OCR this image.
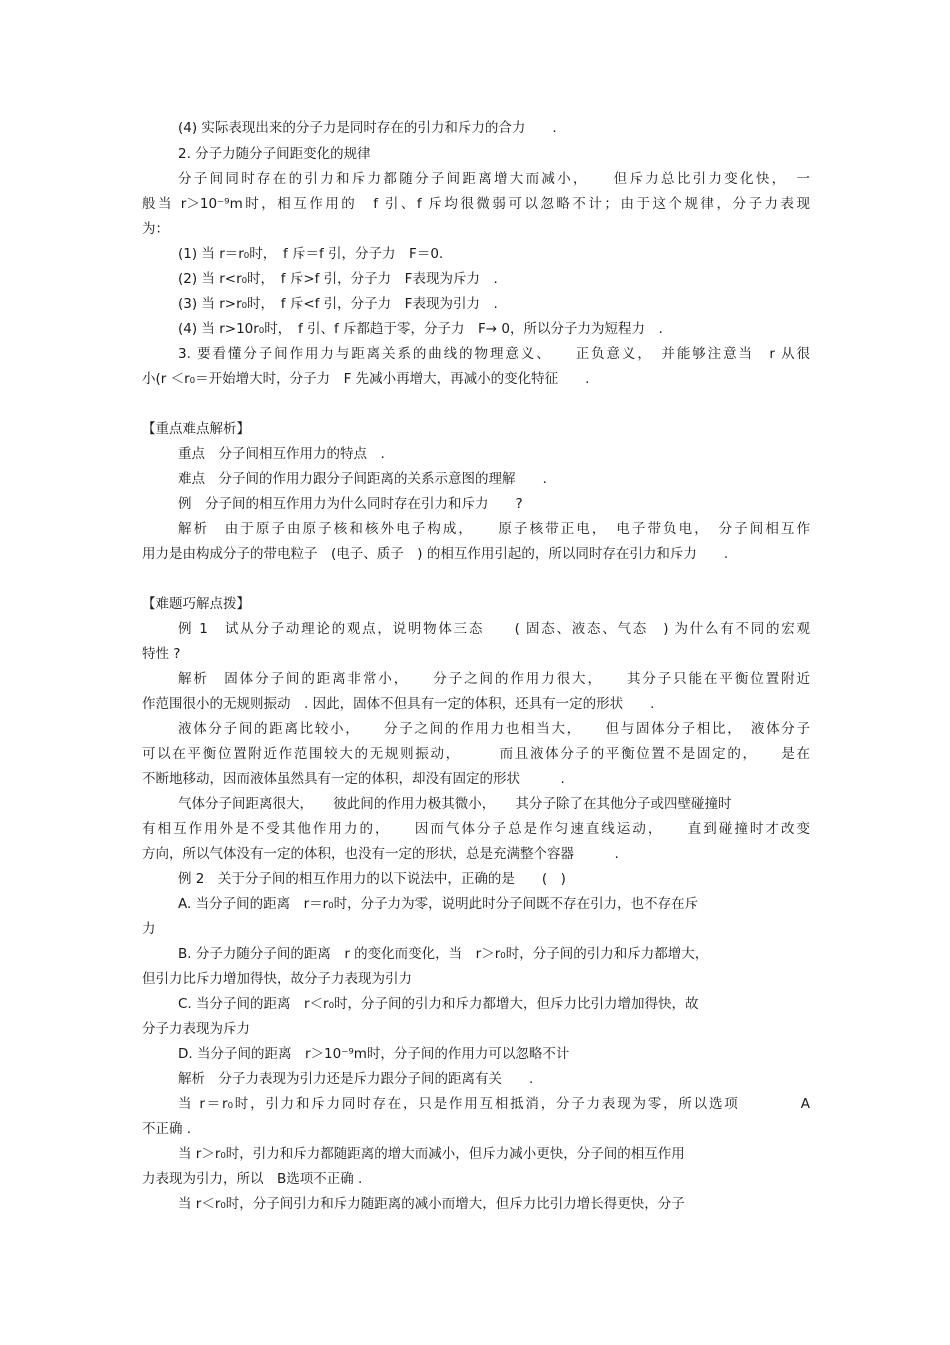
(4) 实际表现出来的分子力是同时存在的引力和斥力的合力　　.
2. 分子力随分子间距变化的规律
分子间同时存在的引力和斥力都随分子间距离增大而减小，　　但斥力总比引力变化快，　一
般当 r＞10⁻⁹m时，相互作用的　f 引、f 斥均很微弱可以忽略不计；由于这个规律，分子力表现
为：
(1) 当 r＝r₀时，　f 斥＝f 引，分子力　F＝0.
(2) 当 r<r₀时，　f 斥>f 引，分子力　F表现为斥力　.
(3) 当 r>r₀时，　f 斥<f 引，分子力　F表现为引力　.
(4) 当 r>10r₀时，　f 引、f 斥都趋于零，分子力　F→ 0，所以分子力为短程力　.
3. 要看懂分子间作用力与距离关系的曲线的物理意义、　　正负意义，　并能够注意当　r 从很
小(r ＜r₀＝开始增大时，分子力　F 先减小再增大，再减小的变化特征　　.
【重点难点解析】
重点　分子间相互作用力的特点　.
难点　分子间的作用力跟分子间距离的关系示意图的理解　　.
例　分子间的相互作用力为什么同时存在引力和斥力　　?
解析　由于原子由原子核和核外电子构成，　　原子核带正电，　电子带负电，　分子间相互作
用力是由构成分子的带电粒子　(电子、质子　) 的相互作用引起的，所以同时存在引力和斥力　　.
【难题巧解点拨】
例 1　试从分子动理论的观点，说明物体三态　　( 固态、液态、气态　) 为什么有不同的宏观
特性 ?
解析　固体分子间的距离非常小，　　分子之间的作用力很大，　　其分子只能在平衡位置附近
作范围很小的无规则振动　. 因此，固体不但具有一定的体积，还具有一定的形状　　.
液体分子间的距离比较小，　　分子之间的作用力也相当大，　　但与固体分子相比，　液体分子
可以在平衡位置附近作范围较大的无规则振动，　　　而且液体分子的平衡位置不是固定的，　　是在
不断地移动，因而液体虽然具有一定的体积，却没有固定的形状　　　.
气体分子间距离很大，　　彼此间的作用力极其微小，　　其分子除了在其他分子或四壁碰撞时
有相互作用外是不受其他作用力的，　　因而气体分子总是作匀速直线运动，　　直到碰撞时才改变
方向，所以气体没有一定的体积，也没有一定的形状，总是充满整个容器　　　.
例 2　关于分子间的相互作用力的以下说法中，正确的是　　(　)
A. 当分子间的距离　r＝r₀时，分子力为零，说明此时分子间既不存在引力，也不存在斥
力
B. 分子力随分子间的距离　r 的变化而变化，当　r＞r₀时，分子间的引力和斥力都增大，
但引力比斥力增加得快，故分子力表现为引力
C. 当分子间的距离　r＜r₀时，分子间的引力和斥力都增大，但斥力比引力增加得快，故
分子力表现为斥力
D. 当分子间的距离　r＞10⁻⁹m时，分子间的作用力可以忽略不计
解析　分子力表现为引力还是斥力跟分子间的距离有关　　.
当 r＝r₀时，引力和斥力同时存在，只是作用互相抵消，分子力表现为零，所以选项　　　　A
不正确 .
当 r＞r₀时，引力和斥力都随距离的增大而减小，但斥力减小更快，分子间的相互作用
力表现为引力，所以　B选项不正确 .
当 r＜r₀时，分子间引力和斥力随距离的减小而增大，但斥力比引力增长得更快，分子
